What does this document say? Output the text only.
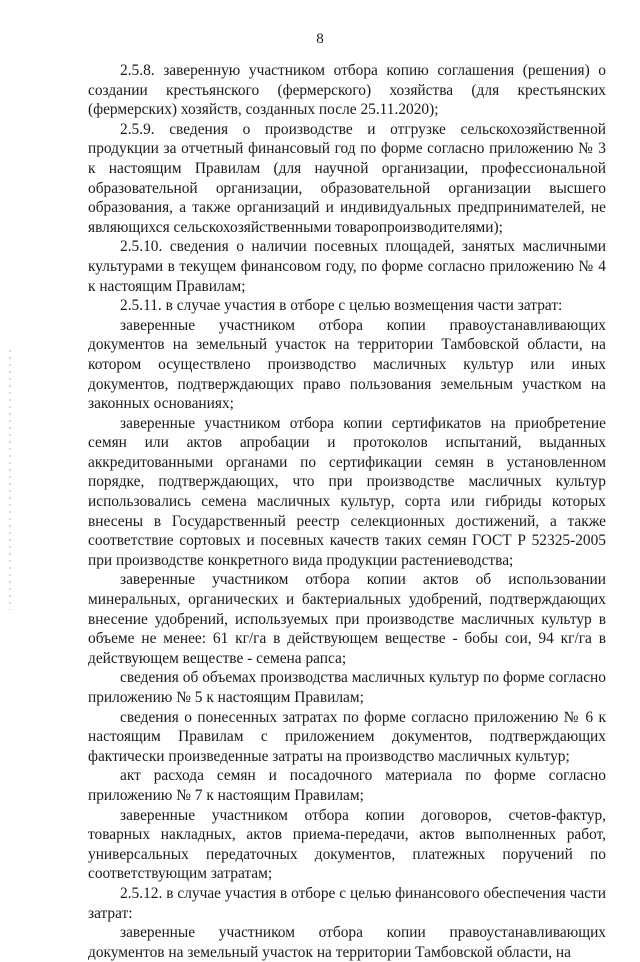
8

2.5.8. заверенную участником отбора копию соглашения (решения) о создании крестьянского (фермерского) хозяйства (для крестьянских (фермерских) хозяйств, созданных после 25.11.2020);

2.5.9. сведения о производстве и отгрузке сельскохозяйственной продукции за отчетный финансовый год по форме согласно приложению № 3 к настоящим Правилам (для научной организации, профессиональной образовательной организации, образовательной организации высшего образования, а также организаций и индивидуальных предпринимателей, не являющихся сельскохозяйственными товаропроизводителями);

2.5.10. сведения о наличии посевных площадей, занятых масличными культурами в текущем финансовом году, по форме согласно приложению № 4 к настоящим Правилам;

2.5.11. в случае участия в отборе с целью возмещения части затрат:

заверенные участником отбора копии правоустанавливающих документов на земельный участок на территории Тамбовской области, на котором осуществлено производство масличных культур или иных документов, подтверждающих право пользования земельным участком на законных основаниях;

заверенные участником отбора копии сертификатов на приобретение семян или актов апробации и протоколов испытаний, выданных аккредитованными органами по сертификации семян в установленном порядке, подтверждающих, что при производстве масличных культур использовались семена масличных культур, сорта или гибриды которых внесены в Государственный реестр селекционных достижений, а также соответствие сортовых и посевных качеств таких семян ГОСТ Р 52325-2005 при производстве конкретного вида продукции растениеводства;

заверенные участником отбора копии актов об использовании минеральных, органических и бактериальных удобрений, подтверждающих внесение удобрений, используемых при производстве масличных культур в объеме не менее: 61 кг/га в действующем веществе - бобы сои, 94 кг/га в действующем веществе - семена рапса;

сведения об объемах производства масличных культур по форме согласно приложению № 5 к настоящим Правилам;

сведения о понесенных затратах по форме согласно приложению № 6 к настоящим Правилам с приложением документов, подтверждающих фактически произведенные затраты на производство масличных культур;

акт расхода семян и посадочного материала по форме согласно приложению № 7 к настоящим Правилам;

заверенные участником отбора копии договоров, счетов-фактур, товарных накладных, актов приема-передачи, актов выполненных работ, универсальных передаточных документов, платежных поручений по соответствующим затратам;

2.5.12. в случае участия в отборе с целью финансового обеспечения части затрат:

заверенные участником отбора копии правоустанавливающих документов на земельный участок на территории Тамбовской области, на
